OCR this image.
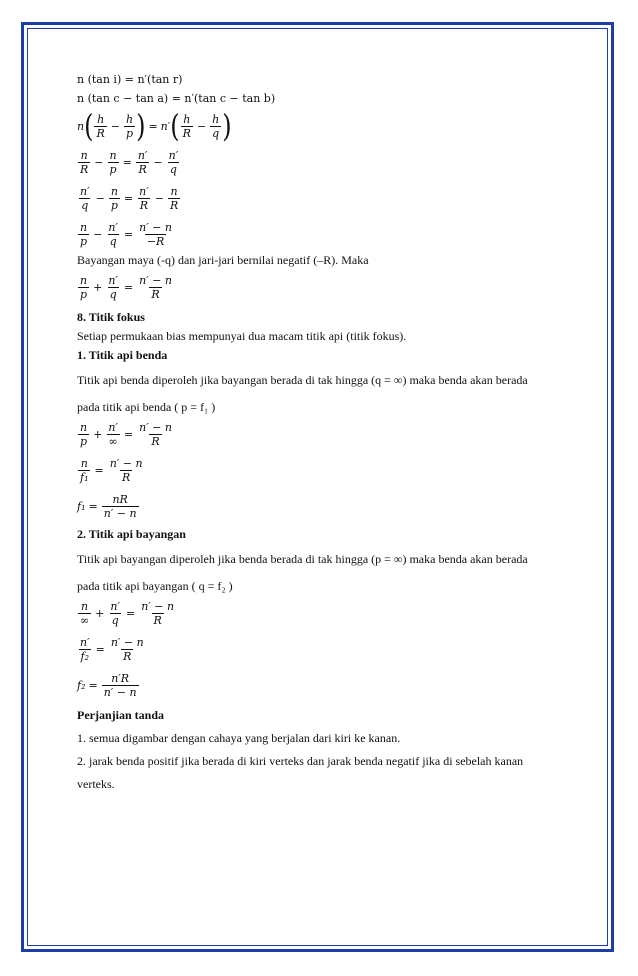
n (tan i) = n′(tan r)
n (tan c − tan a) = n′(tan c − tan b)
n ( $\frac{h}{R} - \frac{h}{p}$ ) = n′ ( $\frac{h}{R} - \frac{h}{q}$ )
$\frac{n}{R} - \frac{n}{p} = \frac{n'}{R} - \frac{n'}{q}$
$\frac{n'}{q} - \frac{n}{p} = \frac{n'}{R} - \frac{n}{R}$
$\frac{n}{p} - \frac{n'}{q} = \frac{n' - n}{-R}$

Bayangan maya (-q) dan jari-jari bernilai negatif (–R). Maka

$\frac{n}{p} + \frac{n'}{q} = \frac{n' - n}{R}$

8. Titik fokus

Setiap permukaan bias mempunyai dua macam titik api (titik fokus).

1. Titik api benda

Titik api benda diperoleh jika bayangan berada di tak hingga (q = ∞) maka benda akan berada

pada titik api benda ( p = f₁ )

$\frac{n}{p} + \frac{n'}{\infty} = \frac{n' - n}{R}$
$\frac{n}{\text{f₁}} = \frac{n' - n}{R}$
$f_1 = \frac{nR}{n' - n}$

2. Titik api bayangan

Titik api bayangan diperoleh jika benda berada di tak hingga (p = ∞) maka benda akan berada

pada titik api bayangan ( q = f₂ )

$\frac{n}{\infty} + \frac{n'}{q} = \frac{n' - n}{R}$
$\frac{n'}{\text{f₂}} = \frac{n' - n}{R}$
$f_2 = \frac{n'R}{n' - n}$

Perjanjian tanda

1. semua digambar dengan cahaya yang berjalan dari kiri ke kanan.

2. jarak benda positif jika berada di kiri verteks dan jarak benda negatif jika di sebelah kanan

verteks.
